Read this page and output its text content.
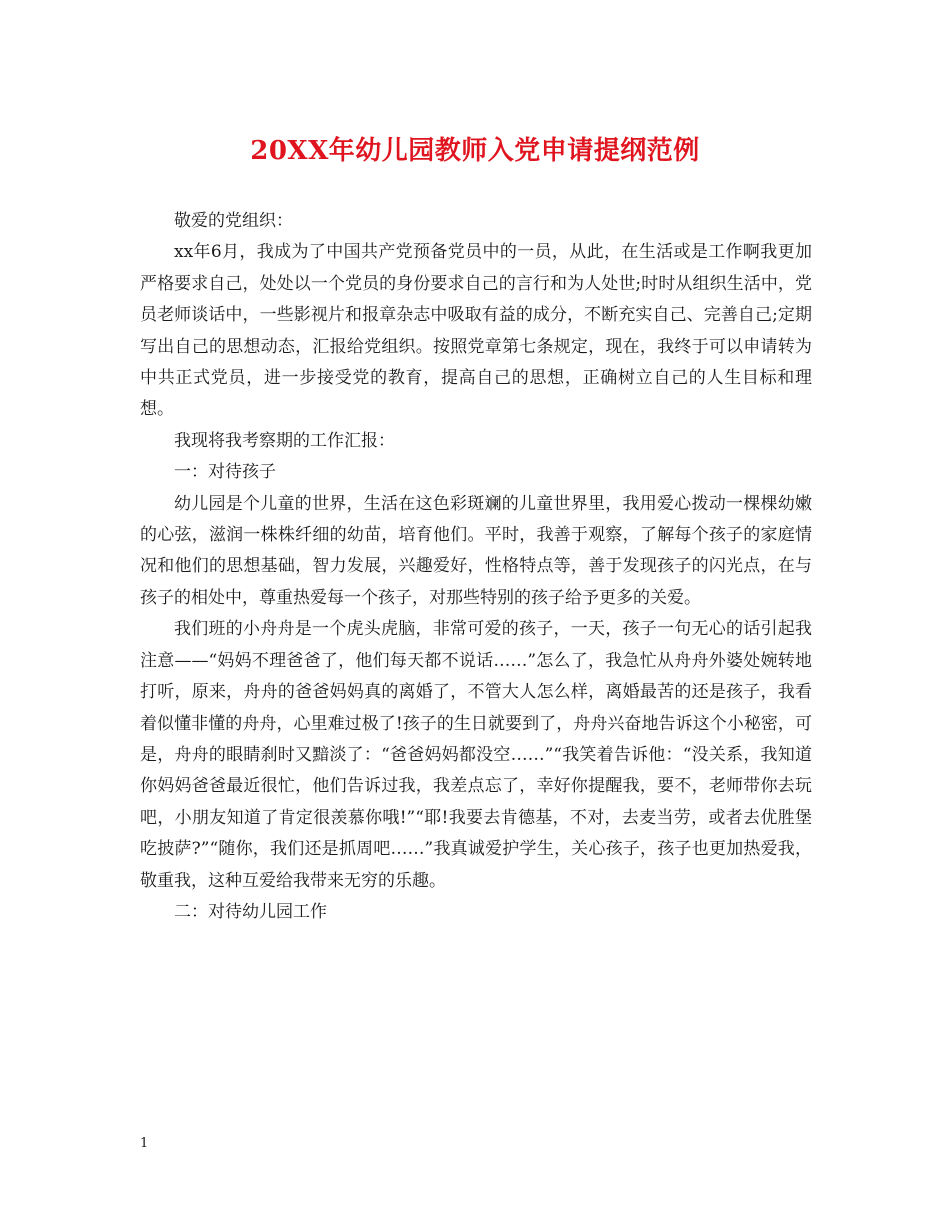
20XX年幼儿园教师入党申请提纲范例

敬爱的党组织：

xx年6月，我成为了中国共产党预备党员中的一员，从此，在生活或是工作啊我更加严格要求自己，处处以一个党员的身份要求自己的言行和为人处世;时时从组织生活中，党员老师谈话中，一些影视片和报章杂志中吸取有益的成分，不断充实自己、完善自己;定期写出自己的思想动态，汇报给党组织。按照党章第七条规定，现在，我终于可以申请转为中共正式党员，进一步接受党的教育，提高自己的思想，正确树立自己的人生目标和理想。

我现将我考察期的工作汇报：

一：对待孩子

幼儿园是个儿童的世界，生活在这色彩斑斓的儿童世界里，我用爱心拨动一棵棵幼嫩的心弦，滋润一株株纤细的幼苗，培育他们。平时，我善于观察，了解每个孩子的家庭情况和他们的思想基础，智力发展，兴趣爱好，性格特点等，善于发现孩子的闪光点，在与孩子的相处中，尊重热爱每一个孩子，对那些特别的孩子给予更多的关爱。

我们班的小舟舟是一个虎头虎脑，非常可爱的孩子，一天，孩子一句无心的话引起我注意——“妈妈不理爸爸了，他们每天都不说话……”怎么了，我急忙从舟舟外婆处婉转地打听，原来，舟舟的爸爸妈妈真的离婚了，不管大人怎么样，离婚最苦的还是孩子，我看着似懂非懂的舟舟，心里难过极了!孩子的生日就要到了，舟舟兴奋地告诉这个小秘密，可是，舟舟的眼睛刹时又黯淡了：“爸爸妈妈都没空……”“我笑着告诉他：“没关系，我知道你妈妈爸爸最近很忙，他们告诉过我，我差点忘了，幸好你提醒我，要不，老师带你去玩吧，小朋友知道了肯定很羡慕你哦!”“耶!我要去肯德基，不对，去麦当劳，或者去优胜堡吃披萨?”“随你，我们还是抓周吧……”我真诚爱护学生，关心孩子，孩子也更加热爱我，敬重我，这种互爱给我带来无穷的乐趣。

二：对待幼儿园工作

1
